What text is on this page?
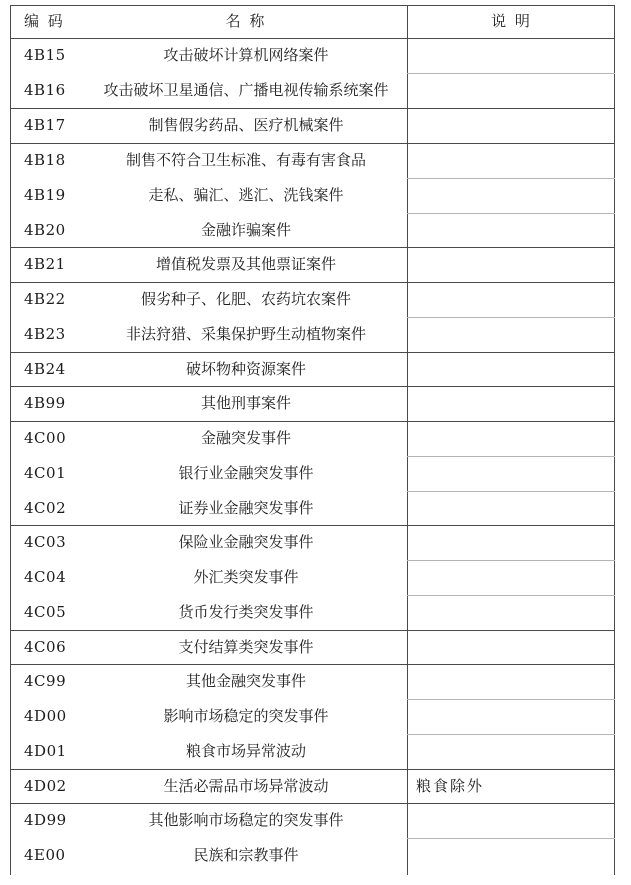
编 码	名 称	说 明
4B15	攻击破坏计算机网络案件
4B16	攻击破坏卫星通信、广播电视传输系统案件
4B17	制售假劣药品、医疗机械案件
4B18	制售不符合卫生标准、有毒有害食品
4B19	走私、骗汇、逃汇、洗钱案件
4B20	金融诈骗案件
4B21	增值税发票及其他票证案件
4B22	假劣种子、化肥、农药坑农案件
4B23	非法狩猎、采集保护野生动植物案件
4B24	破坏物种资源案件
4B99	其他刑事案件
4C00	金融突发事件
4C01	银行业金融突发事件
4C02	证券业金融突发事件
4C03	保险业金融突发事件
4C04	外汇类突发事件
4C05	货币发行类突发事件
4C06	支付结算类突发事件
4C99	其他金融突发事件
4D00	影响市场稳定的突发事件
4D01	粮食市场异常波动
4D02	生活必需品市场异常波动	粮食除外
4D99	其他影响市场稳定的突发事件
4E00	民族和宗教事件
